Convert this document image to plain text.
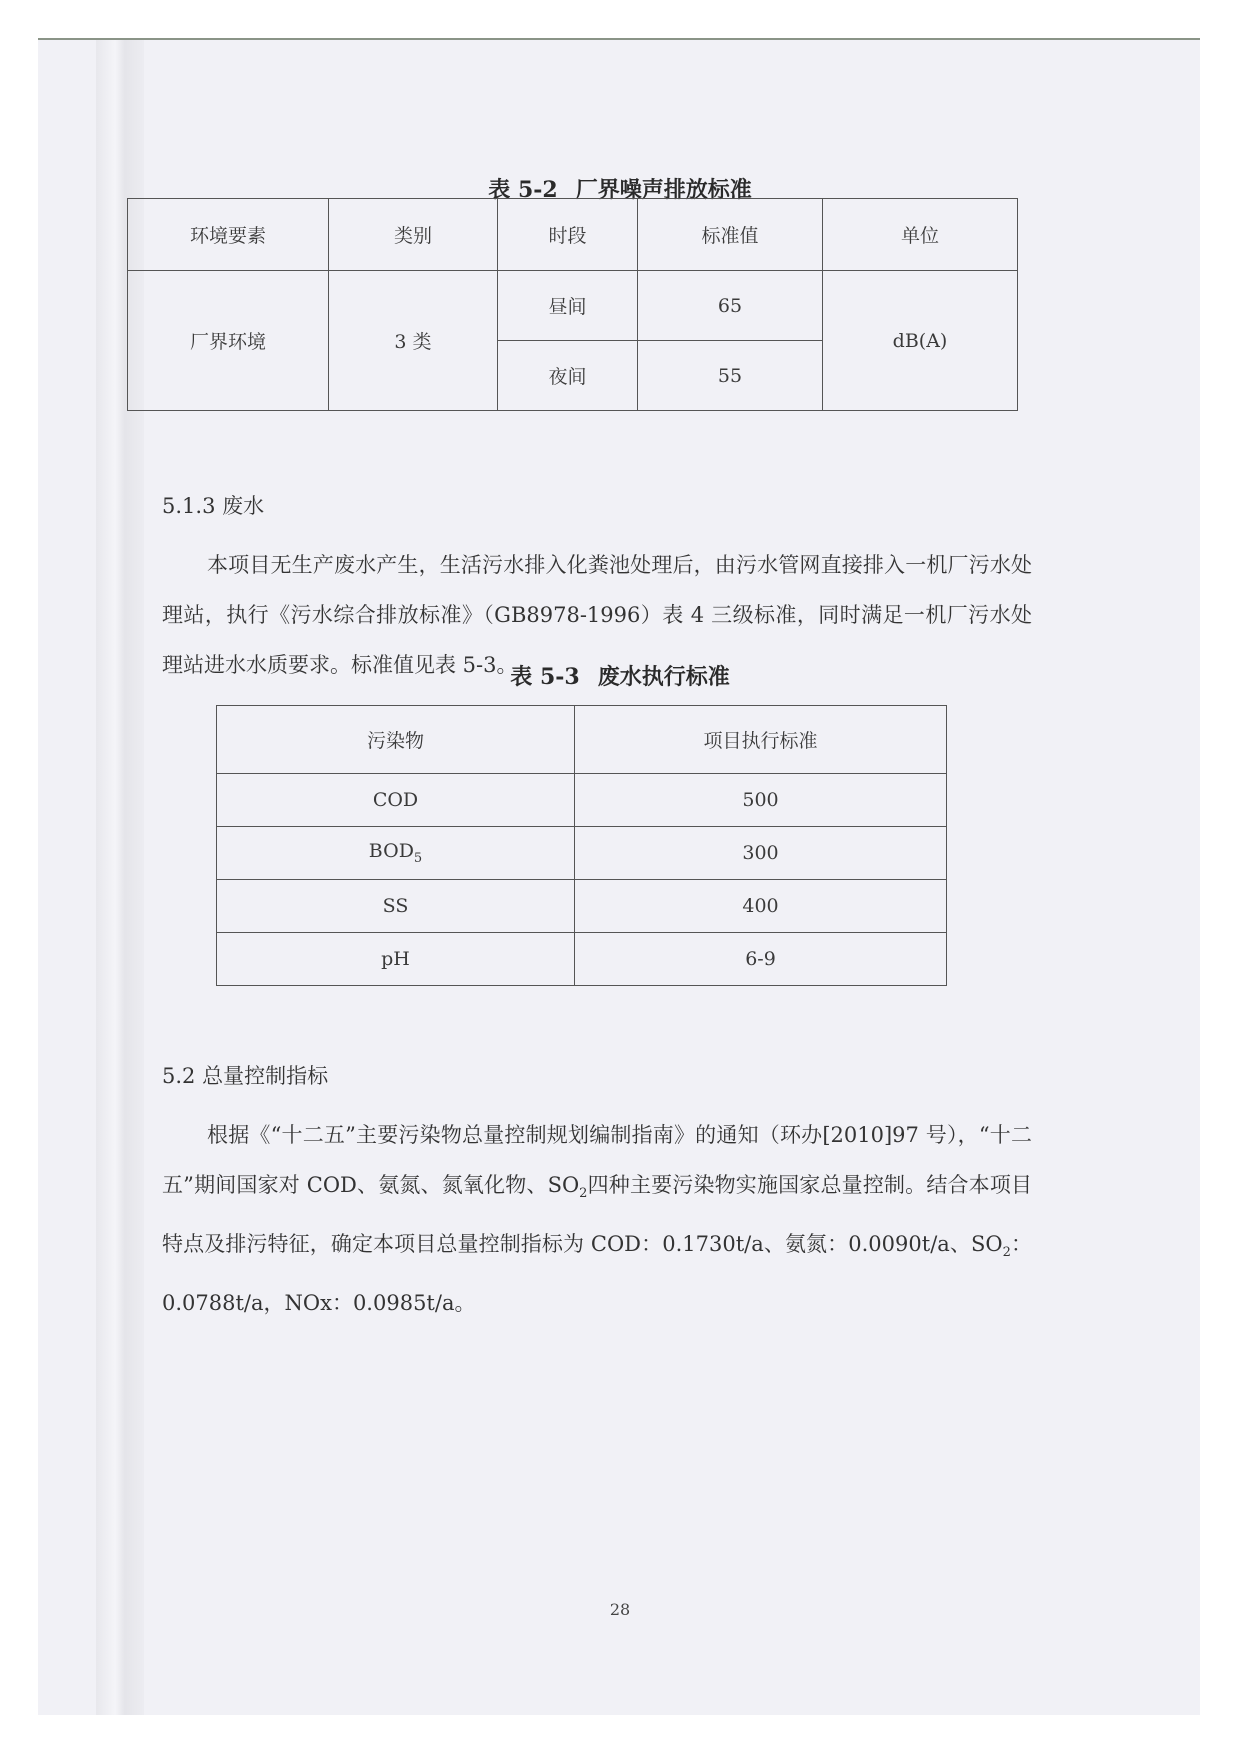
表 5-2 厂界噪声排放标准
环境要素	类别	时段	标准值	单位
厂界环境	3 类	昼间	65	dB(A)
		夜间	55	
5.1.3 废水
本项目无生产废水产生，生活污水排入化粪池处理后，由污水管网直接排入一机厂污水处理站，执行《污水综合排放标准》（GB8978-1996）表 4 三级标准，同时满足一机厂污水处理站进水水质要求。标准值见表 5-3。
表 5-3 废水执行标准
污染物	项目执行标准
COD	500
$BOD_5$	300
SS	400
pH	6-9
5.2 总量控制指标
根据《“十二五”主要污染物总量控制规划编制指南》的通知（环办[2010]97 号），“十二五”期间国家对 COD、氨氮、氮氧化物、$SO_2$四种主要污染物实施国家总量控制。结合本项目特点及排污特征，确定本项目总量控制指标为 COD：0.1730t/a、氨氮：0.0090t/a、$SO_2$：0.0788t/a，NOx：0.0985t/a。
28
